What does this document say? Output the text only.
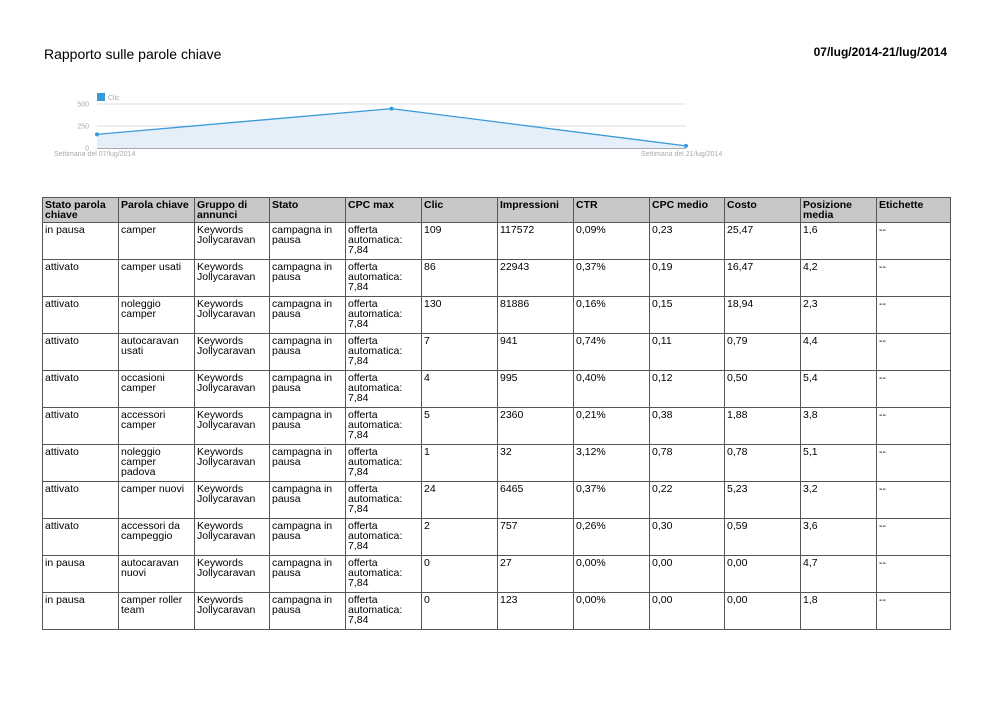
Rapporto sulle parole chiave	07/lug/2014-21/lug/2014
Clic
0
250
500
Settimana del 07/lug/2014	Settimana del 21/lug/2014
Stato parola chiave	Parola chiave	Gruppo di annunci	Stato	CPC max	Clic	Impressioni	CTR	CPC medio	Costo	Posizione media	Etichette
in pausa	camper	Keywords Jollycaravan	campagna in pausa	offerta automatica: 7,84	109	117572	0,09%	0,23	25,47	1,6	--
attivato	camper usati	Keywords Jollycaravan	campagna in pausa	offerta automatica: 7,84	86	22943	0,37%	0,19	16,47	4,2	--
attivato	noleggio camper	Keywords Jollycaravan	campagna in pausa	offerta automatica: 7,84	130	81886	0,16%	0,15	18,94	2,3	--
attivato	autocaravan usati	Keywords Jollycaravan	campagna in pausa	offerta automatica: 7,84	7	941	0,74%	0,11	0,79	4,4	--
attivato	occasioni camper	Keywords Jollycaravan	campagna in pausa	offerta automatica: 7,84	4	995	0,40%	0,12	0,50	5,4	--
attivato	accessori camper	Keywords Jollycaravan	campagna in pausa	offerta automatica: 7,84	5	2360	0,21%	0,38	1,88	3,8	--
attivato	noleggio camper padova	Keywords Jollycaravan	campagna in pausa	offerta automatica: 7,84	1	32	3,12%	0,78	0,78	5,1	--
attivato	camper nuovi	Keywords Jollycaravan	campagna in pausa	offerta automatica: 7,84	24	6465	0,37%	0,22	5,23	3,2	--
attivato	accessori da campeggio	Keywords Jollycaravan	campagna in pausa	offerta automatica: 7,84	2	757	0,26%	0,30	0,59	3,6	--
in pausa	autocaravan nuovi	Keywords Jollycaravan	campagna in pausa	offerta automatica: 7,84	0	27	0,00%	0,00	0,00	4,7	--
in pausa	camper roller team	Keywords Jollycaravan	campagna in pausa	offerta automatica: 7,84	0	123	0,00%	0,00	0,00	1,8	--
